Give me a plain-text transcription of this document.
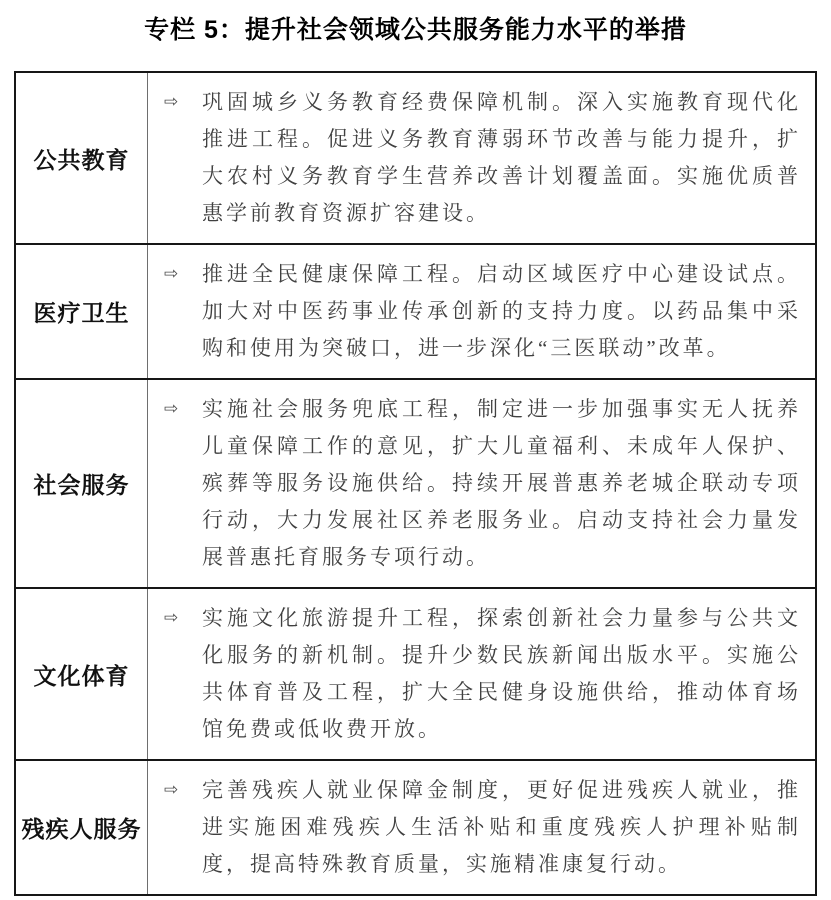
专栏 5：提升社会领域公共服务能力水平的举措
公共教育	⇨ 巩固城乡义务教育经费保障机制。深入实施教育现代化推进工程。促进义务教育薄弱环节改善与能力提升，扩大农村义务教育学生营养改善计划覆盖面。实施优质普惠学前教育资源扩容建设。

医疗卫生	⇨ 推进全民健康保障工程。启动区域医疗中心建设试点。加大对中医药事业传承创新的支持力度。以药品集中采购和使用为突破口，进一步深化“三医联动”改革。

社会服务	⇨ 实施社会服务兜底工程，制定进一步加强事实无人抚养儿童保障工作的意见，扩大儿童福利、未成年人保护、殡葬等服务设施供给。持续开展普惠养老城企联动专项行动，大力发展社区养老服务业。启动支持社会力量发展普惠托育服务专项行动。

文化体育	⇨ 实施文化旅游提升工程，探索创新社会力量参与公共文化服务的新机制。提升少数民族新闻出版水平。实施公共体育普及工程，扩大全民健身设施供给，推动体育场馆免费或低收费开放。

残疾人服务	⇨ 完善残疾人就业保障金制度，更好促进残疾人就业，推进实施困难残疾人生活补贴和重度残疾人护理补贴制度，提高特殊教育质量，实施精准康复行动。
